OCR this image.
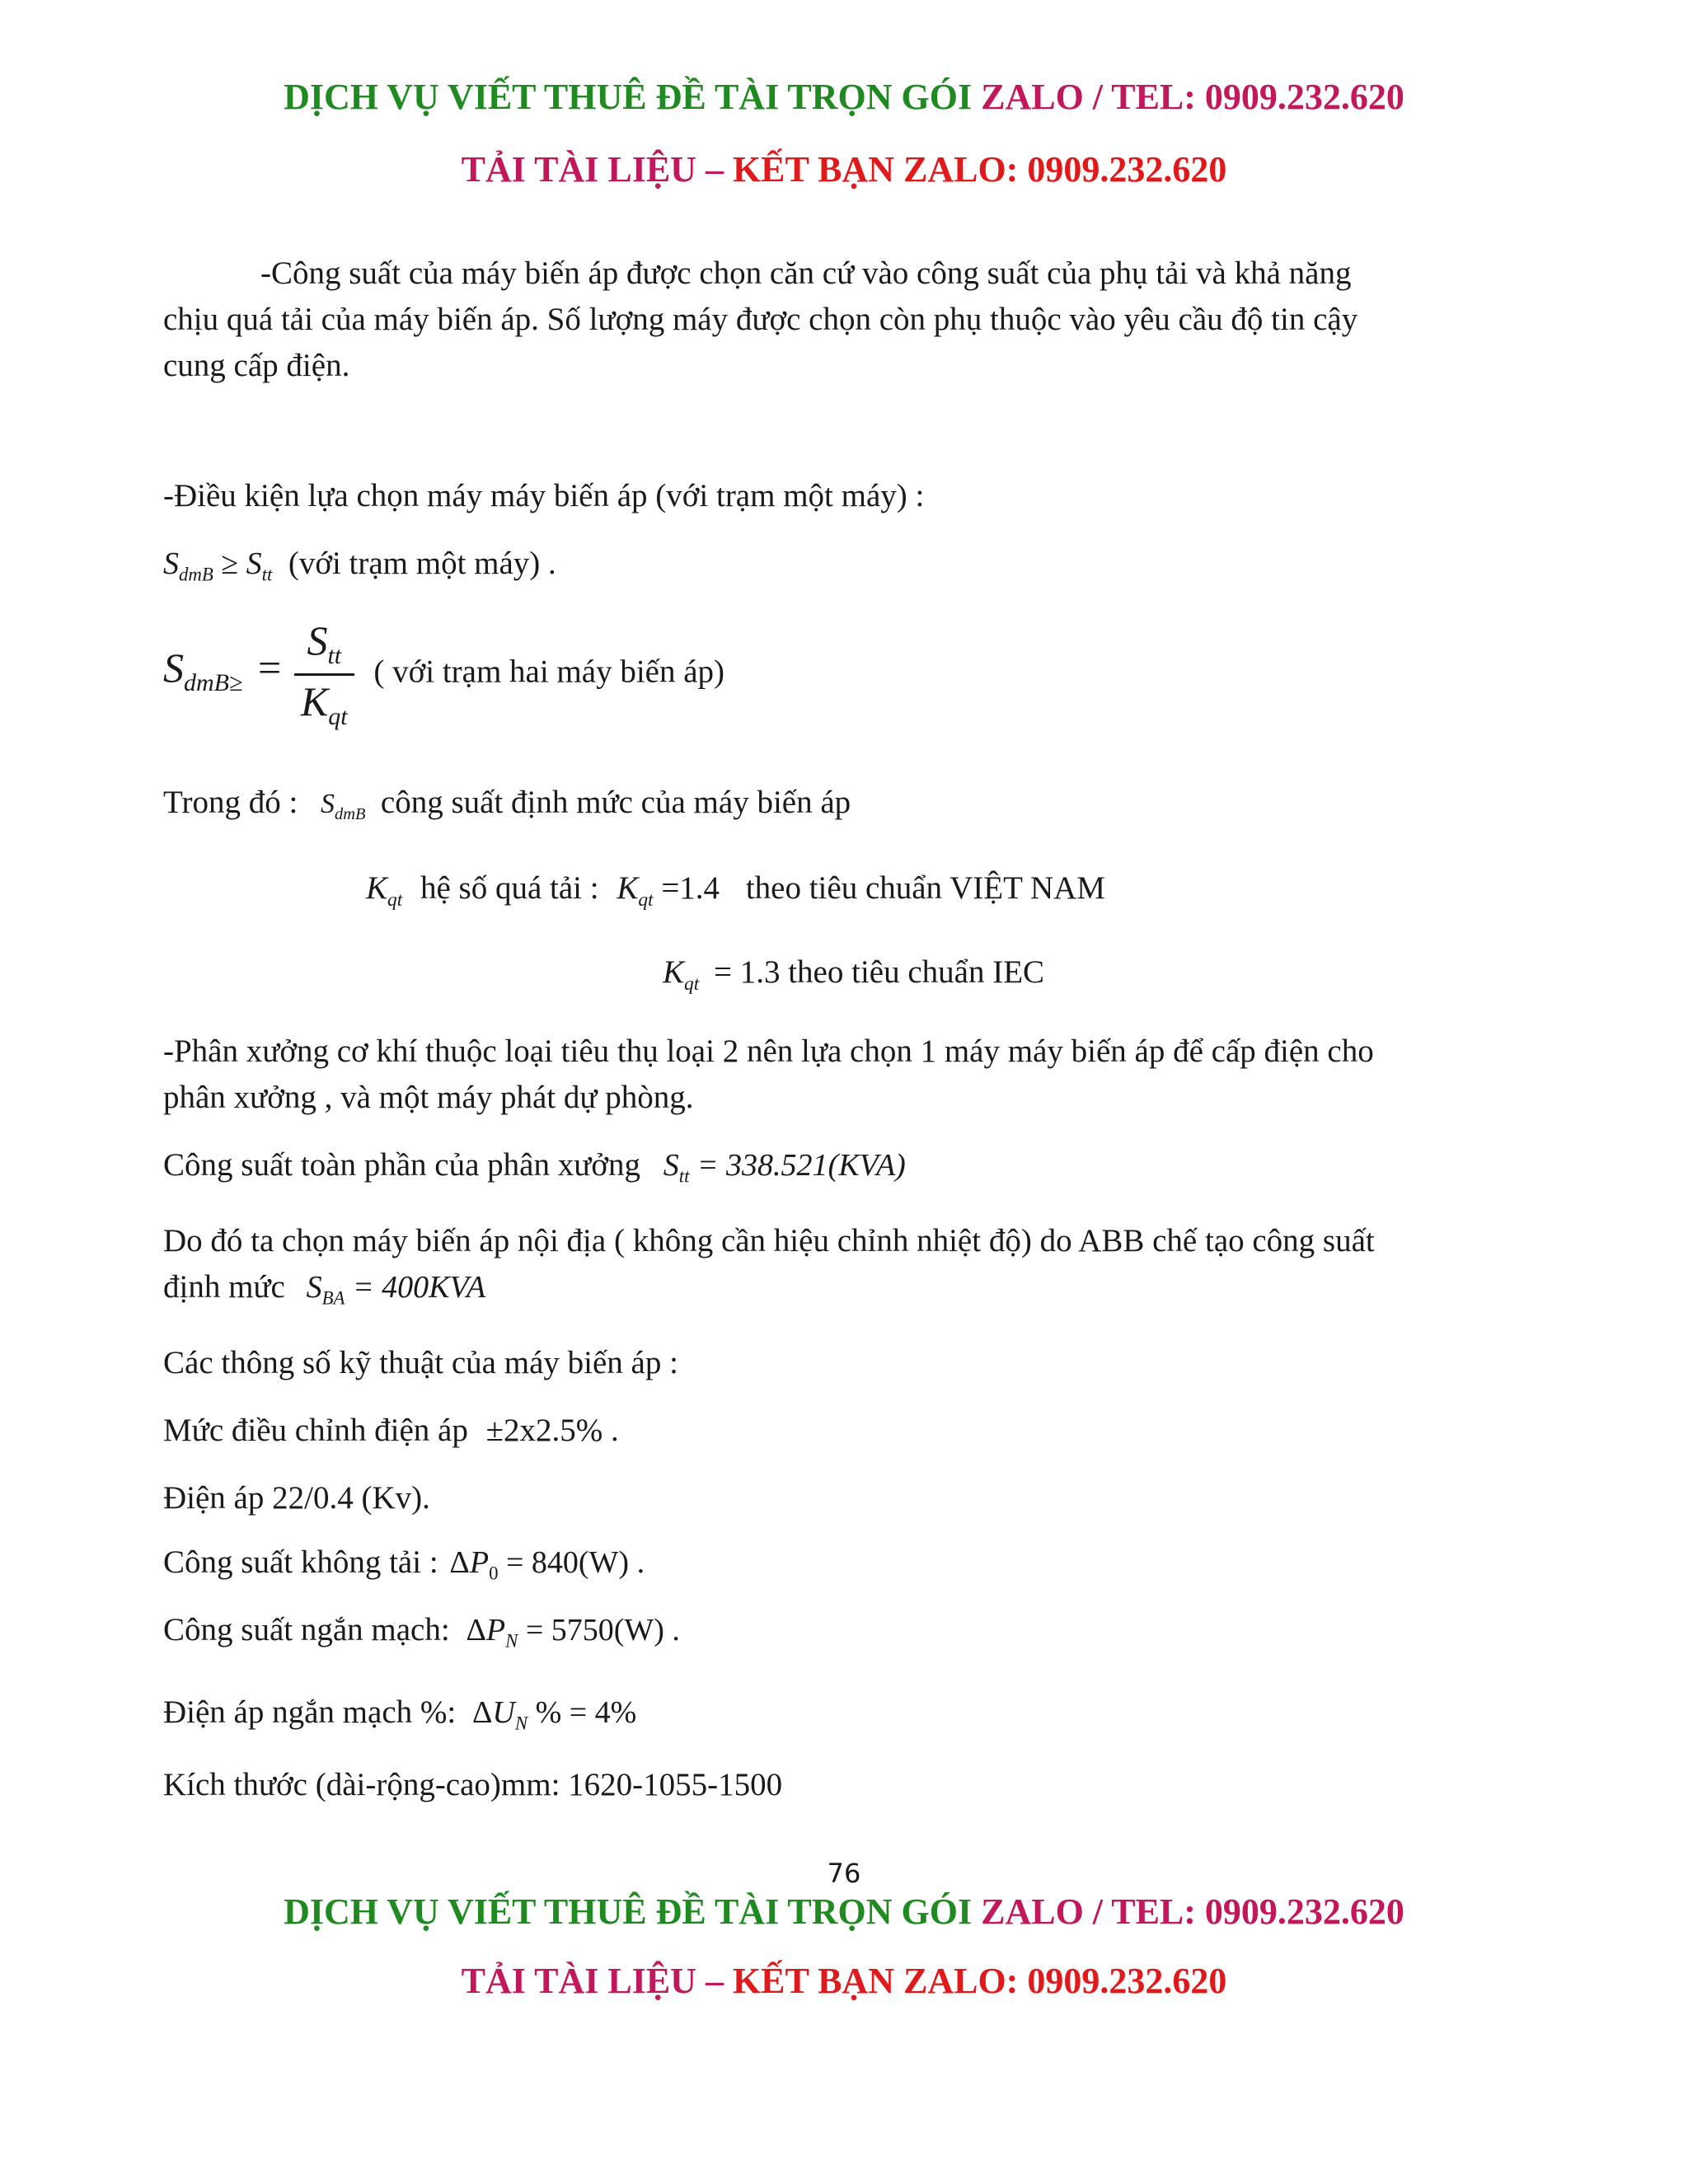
DỊCH VỤ VIẾT THUÊ ĐỀ TÀI TRỌN GÓI ZALO / TEL: 0909.232.620
TẢI TÀI LIỆU – KẾT BẠN ZALO: 0909.232.620
-Công suất của máy biến áp được chọn căn cứ vào công suất của phụ tải và khả năng
chịu quá tải của máy biến áp. Số lượng máy được chọn còn phụ thuộc vào yêu cầu độ tin cậy
cung cấp điện.
-Điều kiện lựa chọn máy máy biến áp (với trạm một máy) :
$S_{dmB} \ge S_{tt}$ (với trạm một máy) .
$S_{dmB\ge} = \frac{S_{tt}}{K_{qt}}$ ( với trạm hai máy biến áp)
Trong đó : $S_{dmB}$ công suất định mức của máy biến áp
$K_{qt}$ hệ số quá tải : $K_{qt} =1.4$ theo tiêu chuẩn VIỆT NAM
$K_{qt} = 1.3$ theo tiêu chuẩn IEC
-Phân xưởng cơ khí thuộc loại tiêu thụ loại 2 nên lựa chọn 1 máy máy biến áp để cấp điện cho
phân xưởng , và một máy phát dự phòng.
Công suất toàn phần của phân xưởng $S_{tt} = 338.521(KVA)$
Do đó ta chọn máy biến áp nội địa ( không cần hiệu chỉnh nhiệt độ) do ABB chế tạo công suất
định mức $S_{BA} = 400KVA$
Các thông số kỹ thuật của máy biến áp :
Mức điều chỉnh điện áp ±2x2.5% .
Điện áp 22/0.4 (Kv).
Công suất không tải : $\Delta P_0 = 840(W)$ .
Công suất ngắn mạch: $\Delta P_N = 5750(W)$ .
Điện áp ngắn mạch %: $\Delta U_N$ % = 4%
Kích thước (dài-rộng-cao)mm: 1620-1055-1500
76
DỊCH VỤ VIẾT THUÊ ĐỀ TÀI TRỌN GÓI ZALO / TEL: 0909.232.620
TẢI TÀI LIỆU – KẾT BẠN ZALO: 0909.232.620
